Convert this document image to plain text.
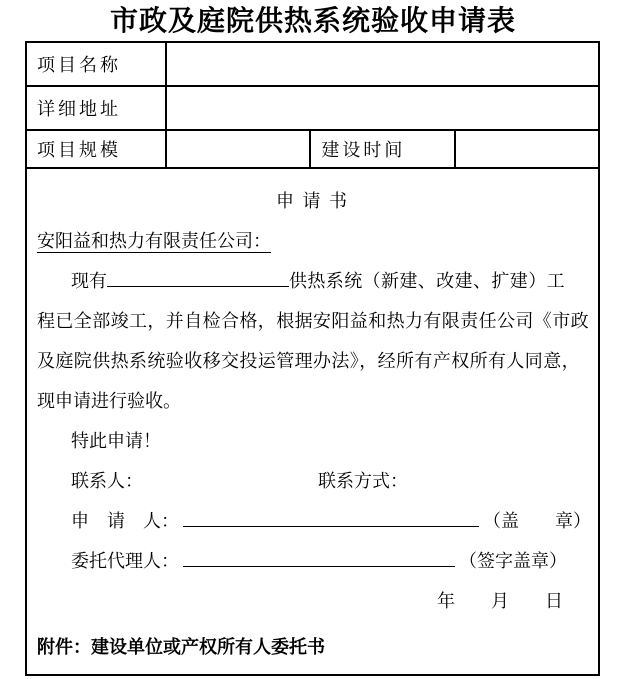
市政及庭院供热系统验收申请表
项目名称			
详细地址			
项目规模		建设时间	

申 请 书
安阳益和热力有限责任公司：
现有	供热系统（新建、改建、扩建）工
程已全部竣工，并自检合格，根据安阳益和热力有限责任公司《市政
及庭院供热系统验收移交投运管理办法》，经所有产权所有人同意，
现申请进行验收。
特此申请！
联系人：	联系方式：
申　请　人：	（盖　　章）
委托代理人：	（签字盖章）
年　　月　　日
附件：建设单位或产权所有人委托书
